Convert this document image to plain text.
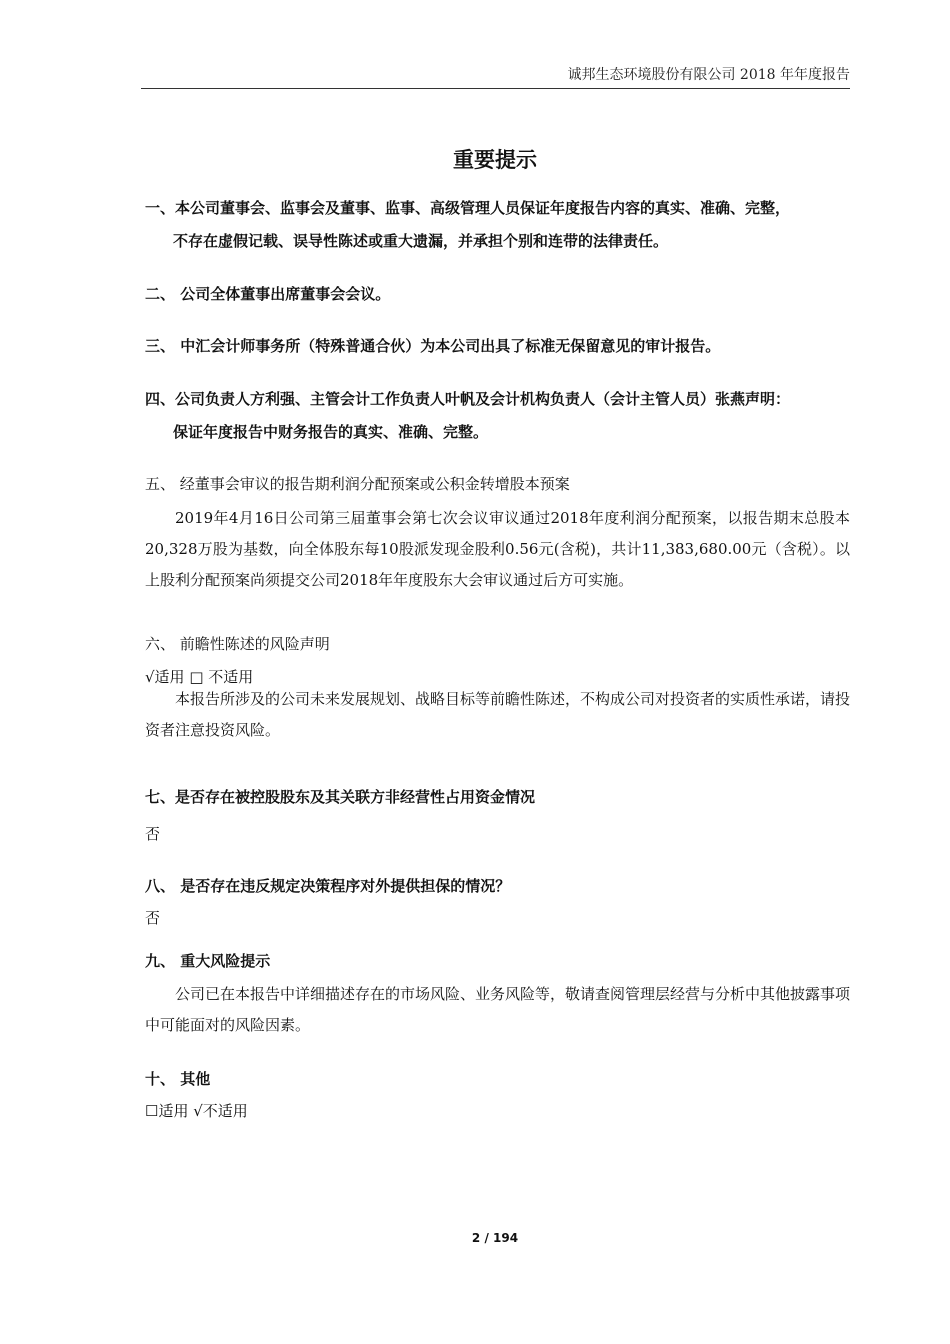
诚邦生态环境股份有限公司 2018 年年度报告
重要提示
一、本公司董事会、监事会及董事、监事、高级管理人员保证年度报告内容的真实、准确、完整，
不存在虚假记载、误导性陈述或重大遗漏，并承担个别和连带的法律责任。
二、 公司全体董事出席董事会会议。
三、 中汇会计师事务所（特殊普通合伙）为本公司出具了标准无保留意见的审计报告。
四、公司负责人方利强、主管会计工作负责人叶帆及会计机构负责人（会计主管人员）张燕声明：
保证年度报告中财务报告的真实、准确、完整。
五、 经董事会审议的报告期利润分配预案或公积金转增股本预案
2019年4月16日公司第三届董事会第七次会议审议通过2018年度利润分配预案，以报告期末总股本20,328万股为基数，向全体股东每10股派发现金股利0.56元(含税)，共计11,383,680.00元（含税）。以上股利分配预案尚须提交公司2018年年度股东大会审议通过后方可实施。
六、 前瞻性陈述的风险声明
√适用 □ 不适用
本报告所涉及的公司未来发展规划、战略目标等前瞻性陈述，不构成公司对投资者的实质性承诺，请投资者注意投资风险。
七、是否存在被控股股东及其关联方非经营性占用资金情况
否
八、 是否存在违反规定决策程序对外提供担保的情况？
否
九、 重大风险提示
公司已在本报告中详细描述存在的市场风险、业务风险等，敬请查阅管理层经营与分析中其他披露事项中可能面对的风险因素。
十、 其他
☐适用 √不适用
2 / 194
